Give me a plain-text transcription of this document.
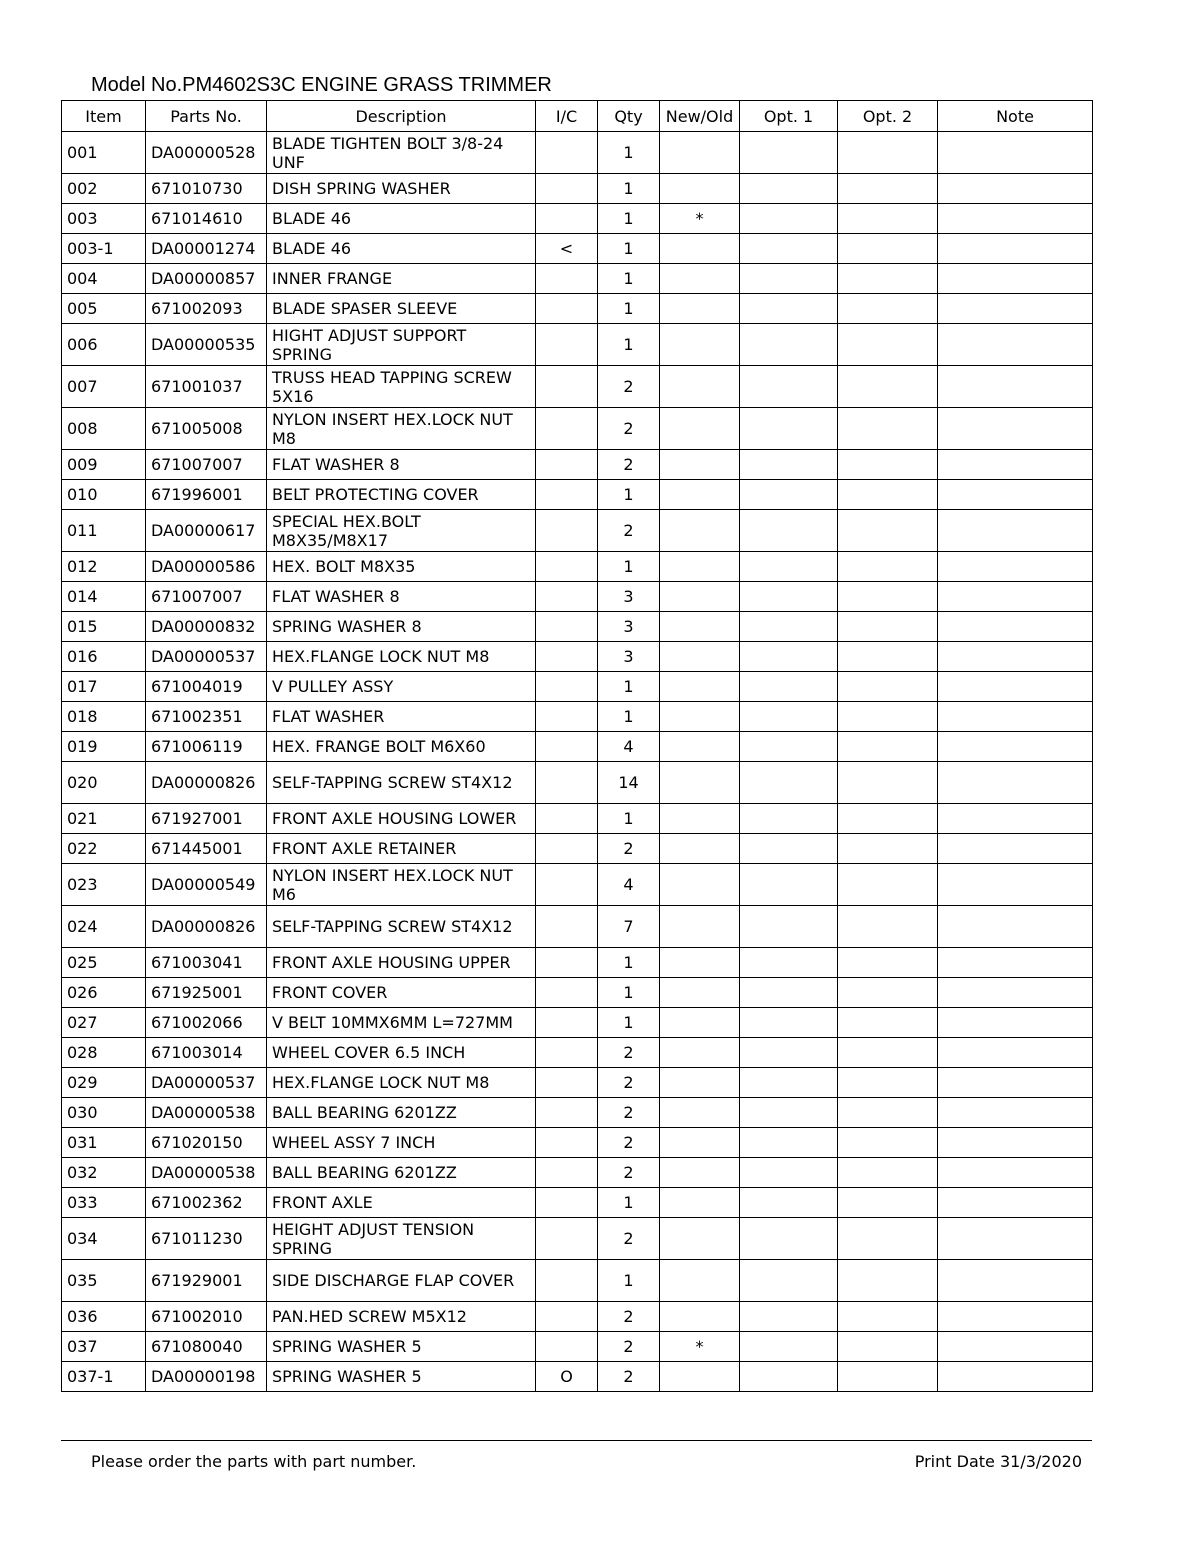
Model No.PM4602S3C ENGINE GRASS TRIMMER
Item	Parts No.	Description	I/C	Qty	New/Old	Opt. 1	Opt. 2	Note
001	DA00000528	BLADE TIGHTEN BOLT 3/8-24 UNF		1				
002	671010730	DISH SPRING WASHER		1				
003	671014610	BLADE 46		1	*			
003-1	DA00001274	BLADE 46	<	1				
004	DA00000857	INNER FRANGE		1				
005	671002093	BLADE SPASER SLEEVE		1				
006	DA00000535	HIGHT ADJUST SUPPORT SPRING		1				
007	671001037	TRUSS HEAD TAPPING SCREW 5X16		2				
008	671005008	NYLON INSERT HEX.LOCK NUT M8		2				
009	671007007	FLAT WASHER 8		2				
010	671996001	BELT PROTECTING COVER		1				
011	DA00000617	SPECIAL HEX.BOLT M8X35/M8X17		2				
012	DA00000586	HEX. BOLT M8X35		1				
014	671007007	FLAT WASHER 8		3				
015	DA00000832	SPRING WASHER 8		3				
016	DA00000537	HEX.FLANGE LOCK NUT M8		3				
017	671004019	V PULLEY ASSY		1				
018	671002351	FLAT WASHER		1				
019	671006119	HEX. FRANGE BOLT M6X60		4				
020	DA00000826	SELF-TAPPING SCREW ST4X12		14				
021	671927001	FRONT AXLE HOUSING LOWER		1				
022	671445001	FRONT AXLE RETAINER		2				
023	DA00000549	NYLON INSERT HEX.LOCK NUT M6		4				
024	DA00000826	SELF-TAPPING SCREW ST4X12		7				
025	671003041	FRONT AXLE HOUSING UPPER		1				
026	671925001	FRONT COVER		1				
027	671002066	V BELT 10MMX6MM L=727MM		1				
028	671003014	WHEEL COVER 6.5 INCH		2				
029	DA00000537	HEX.FLANGE LOCK NUT M8		2				
030	DA00000538	BALL BEARING 6201ZZ		2				
031	671020150	WHEEL ASSY 7 INCH		2				
032	DA00000538	BALL BEARING 6201ZZ		2				
033	671002362	FRONT AXLE		1				
034	671011230	HEIGHT ADJUST TENSION SPRING		2				
035	671929001	SIDE DISCHARGE FLAP COVER		1				
036	671002010	PAN.HED SCREW M5X12		2				
037	671080040	SPRING WASHER 5		2	*			
037-1	DA00000198	SPRING WASHER 5	O	2				
Please order the parts with part number.	Print Date 31/3/2020
